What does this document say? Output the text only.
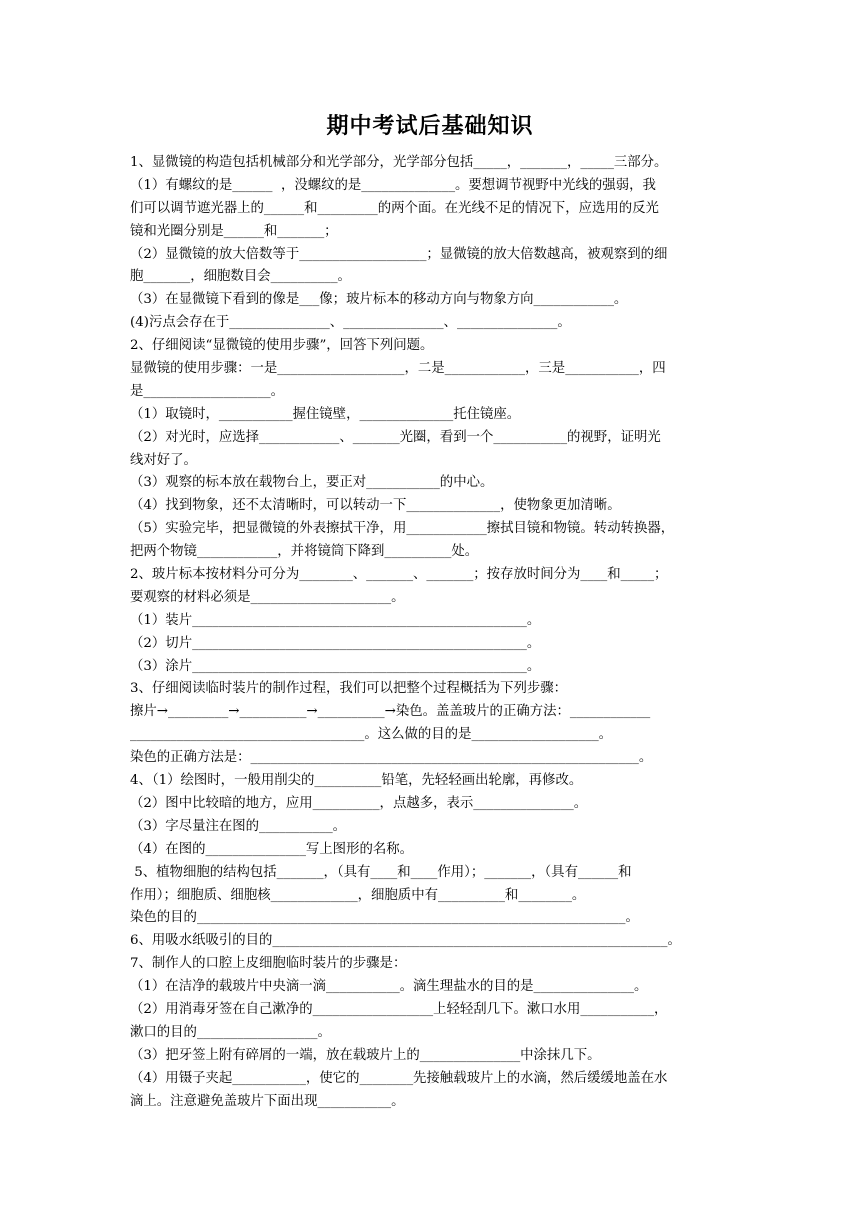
期中考试后基础知识
1、显微镜的构造包括机械部分和光学部分，光学部分包括_____，_______，_____三部分。
（1）有螺纹的是______  ，没螺纹的是______________。要想调节视野中光线的强弱，我
们可以调节遮光器上的______和_________的两个面。在光线不足的情况下，应选用的反光
镜和光圈分别是______和_______；
（2）显微镜的放大倍数等于___________________；显微镜的放大倍数越高，被观察到的细
胞_______，细胞数目会__________。
（3）在显微镜下看到的像是___像；玻片标本的移动方向与物象方向____________。
(4)污点会存在于_______________、_______________、_______________。
2、仔细阅读“显微镜的使用步骤”，回答下列问题。
显微镜的使用步骤：一是___________________，二是____________，三是___________，四
是___________________。
（1）取镜时，___________握住镜壁，______________托住镜座。
（2）对光时，应选择____________、_______光圈，看到一个___________的视野，证明光
线对好了。
（3）观察的标本放在载物台上，要正对___________的中心。
（4）找到物象，还不太清晰时，可以转动一下______________，使物象更加清晰。
（5）实验完毕，把显微镜的外表擦拭干净，用____________擦拭目镜和物镜。转动转换器，
把两个物镜____________，并将镜筒下降到__________处。
2、玻片标本按材料分可分为________、_______、_______；按存放时间分为____和_____；
要观察的材料必须是_____________________。
（1）装片__________________________________________________。
（2）切片__________________________________________________。
（3）涂片__________________________________________________。
3、仔细阅读临时装片的制作过程，我们可以把整个过程概括为下列步骤：
擦片→_________→__________→__________→染色。盖盖玻片的正确方法：____________
___________________________________。这么做的目的是___________________。
染色的正确方法是：__________________________________________________________。
4、（1）绘图时，一般用削尖的__________铅笔，先轻轻画出轮廓，再修改。
（2）图中比较暗的地方，应用__________，点越多，表示_______________。
（3）字尽量注在图的___________。
（4）在图的_______________写上图形的名称。
5、植物细胞的结构包括_______，（具有____和____作用）；_______，（具有______和
作用）；细胞质、细胞核_____________，细胞质中有__________和________。
染色的目的________________________________________________________________。
6、用吸水纸吸引的目的___________________________________________________________。
7、制作人的口腔上皮细胞临时装片的步骤是：
（1）在洁净的载玻片中央滴一滴___________。滴生理盐水的目的是_______________。
（2）用消毒牙签在自己漱净的__________________上轻轻刮几下。漱口水用___________，
漱口的目的__________________。
（3）把牙签上附有碎屑的一端，放在载玻片上的_______________中涂抹几下。
（4）用镊子夹起___________，使它的________先接触载玻片上的水滴，然后缓缓地盖在水
滴上。注意避免盖玻片下面出现___________。
